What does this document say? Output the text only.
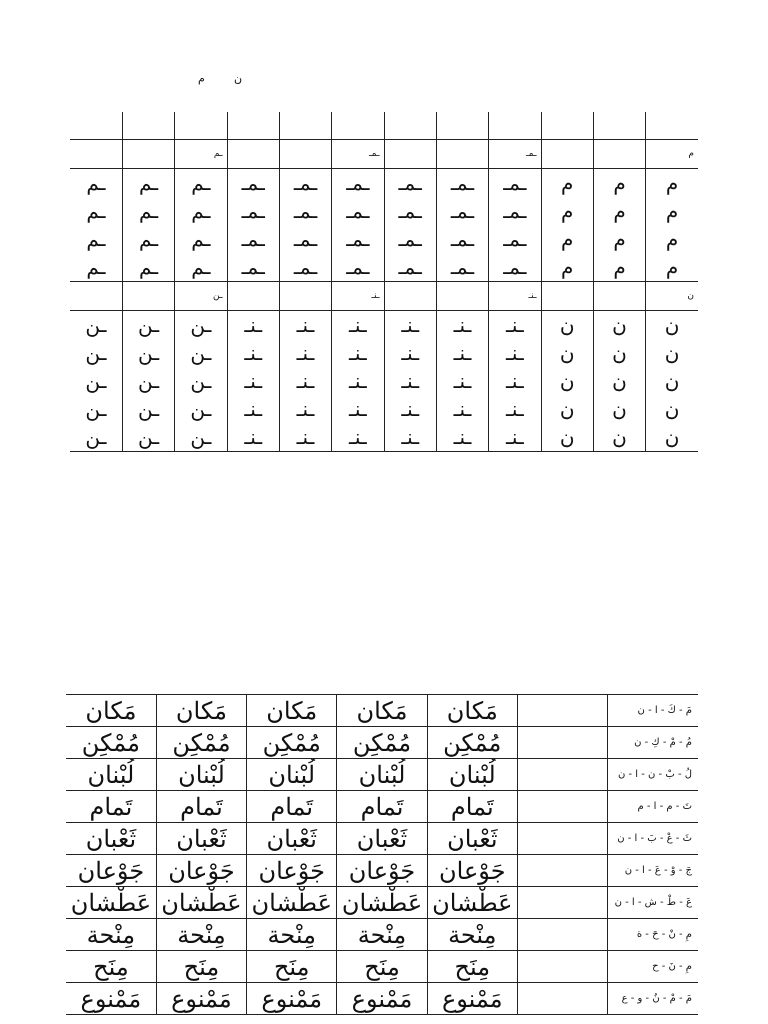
ن
م

م			ـمـ			ـمـ			ـم		
م	م	م	ـمـ	ـمـ	ـمـ	ـمـ	ـمـ	ـمـ	ـم	ـم	ـم
م	م	م	ـمـ	ـمـ	ـمـ	ـمـ	ـمـ	ـمـ	ـم	ـم	ـم
م	م	م	ـمـ	ـمـ	ـمـ	ـمـ	ـمـ	ـمـ	ـم	ـم	ـم
م	م	م	ـمـ	ـمـ	ـمـ	ـمـ	ـمـ	ـمـ	ـم	ـم	ـم
ن			ـنـ			ـنـ			ـن		
ن	ن	ن	ـنـ	ـنـ	ـنـ	ـنـ	ـنـ	ـنـ	ـن	ـن	ـن
ن	ن	ن	ـنـ	ـنـ	ـنـ	ـنـ	ـنـ	ـنـ	ـن	ـن	ـن
ن	ن	ن	ـنـ	ـنـ	ـنـ	ـنـ	ـنـ	ـنـ	ـن	ـن	ـن
ن	ن	ن	ـنـ	ـنـ	ـنـ	ـنـ	ـنـ	ـنـ	ـن	ـن	ـن
ن	ن	ن	ـنـ	ـنـ	ـنـ	ـنـ	ـنـ	ـنـ	ـن	ـن	ـن
مَ - كَ - ا - ن		مَكان	مَكان	مَكان	مَكان	مَكان
مُ - مْ - كِ - ن		مُمْكِن	مُمْكِن	مُمْكِن	مُمْكِن	مُمْكِن
لُ - بْ - ن - ا - ن		لُبْنان	لُبْنان	لُبْنان	لُبْنان	لُبْنان
تَ - م - ا - م		تَمام	تَمام	تَمام	تَمام	تَمام
ثَ - عْ - بَ - ا - ن		ثَعْبان	ثَعْبان	ثَعْبان	ثَعْبان	ثَعْبان
جَ - وْ - عَ - ا - ن		جَوْعان	جَوْعان	جَوْعان	جَوْعان	جَوْعان
عَ - طْ - ش - ا - ن		عَطْشان	عَطْشان	عَطْشان	عَطْشان	عَطْشان
مِ - نْ - حَ - ة		مِنْحة	مِنْحة	مِنْحة	مِنْحة	مِنْحة
مِ - نَ - ح		مِنَح	مِنَح	مِنَح	مِنَح	مِنَح
مَ - مْ - نُ - و - ع		مَمْنوع	مَمْنوع	مَمْنوع	مَمْنوع	مَمْنوع
